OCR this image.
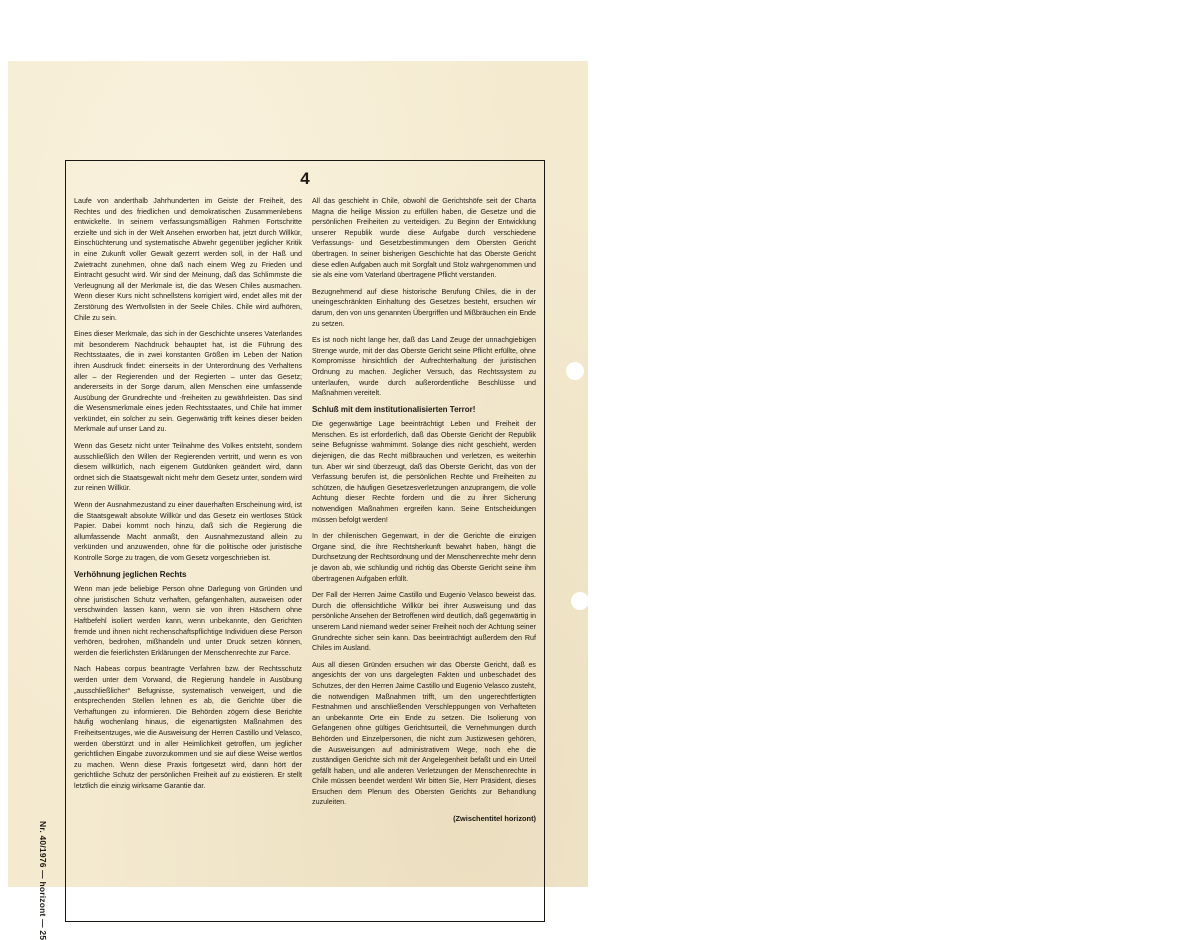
Nr. 40/1976 — horizont — 25
4

Laufe von anderthalb Jahrhunderten im Geiste der Freiheit, des Rechtes und des friedlichen und demokratischen Zusammenlebens entwickelte. In seinem verfassungsmäßigen Rahmen Fortschritte erzielte und sich in der Welt Ansehen erworben hat, jetzt durch Willkür, Einschüchterung und systematische Abwehr gegenüber jeglicher Kritik in eine Zukunft voller Gewalt gezerrt werden soll, in der Haß und Zwietracht zunehmen, ohne daß nach einem Weg zu Frieden und Eintracht gesucht wird. Wir sind der Meinung, daß das Schlimmste die Verleugnung all der Merkmale ist, die das Wesen Chiles ausmachen. Wenn dieser Kurs nicht schnellstens korrigiert wird, endet alles mit der Zerstörung des Wertvollsten in der Seele Chiles. Chile wird aufhören, Chile zu sein.

Eines dieser Merkmale, das sich in der Geschichte unseres Vaterlandes mit besonderem Nachdruck behauptet hat, ist die Führung des Rechtsstaates, die in zwei konstanten Größen im Leben der Nation ihren Ausdruck findet: einerseits in der Unterordnung des Verhaltens aller – der Regierenden und der Regierten – unter das Gesetz; andererseits in der Sorge darum, allen Menschen eine umfassende Ausübung der Grundrechte und -freiheiten zu gewährleisten. Das sind die Wesensmerkmale eines jeden Rechtsstaates, und Chile hat immer verkündet, ein solcher zu sein. Gegenwärtig trifft keines dieser beiden Merkmale auf unser Land zu.

Wenn das Gesetz nicht unter Teilnahme des Volkes entsteht, sondern ausschließlich den Willen der Regierenden vertritt, und wenn es von diesem willkürlich, nach eigenem Gutdünken geändert wird, dann ordnet sich die Staatsgewalt nicht mehr dem Gesetz unter, sondern wird zur reinen Willkür.

Wenn der Ausnahmezustand zu einer dauerhaften Erscheinung wird, ist die Staatsgewalt absolute Willkür und das Gesetz ein wertloses Stück Papier. Dabei kommt noch hinzu, daß sich die Regierung die allumfassende Macht anmaßt, den Ausnahmezustand allein zu verkünden und anzuwenden, ohne für die politische oder juristische Kontrolle Sorge zu tragen, die vom Gesetz vorgeschrieben ist.

Verhöhnung jeglichen Rechts

Wenn man jede beliebige Person ohne Darlegung von Gründen und ohne juristischen Schutz verhaften, gefangenhalten, ausweisen oder verschwinden lassen kann, wenn sie von ihren Häschern ohne Haftbefehl isoliert werden kann, wenn unbekannte, den Gerichten fremde und ihnen nicht rechenschaftspflichtige Individuen diese Person verhören, bedrohen, mißhandeln und unter Druck setzen können, werden die feierlichsten Erklärungen der Menschenrechte zur Farce.

Nach Habeas corpus beantragte Verfahren bzw. der Rechtsschutz werden unter dem Vorwand, die Regierung handele in Ausübung „ausschließlicher“ Befugnisse, systematisch verweigert, und die entsprechenden Stellen lehnen es ab, die Gerichte über die Verhaftungen zu informieren. Die Behörden zögern diese Berichte häufig wochenlang hinaus, die eigenartigsten Maßnahmen des Freiheitsentzuges, wie die Ausweisung der Herren Castillo und Velasco, werden überstürzt und in aller Heimlichkeit getroffen, um jeglicher gerichtlichen Eingabe zuvorzukommen und sie auf diese Weise wertlos zu machen. Wenn diese Praxis fortgesetzt wird, dann hört der gerichtliche Schutz der persönlichen Freiheit auf zu existieren. Er stellt letztlich die einzig wirksame Garantie dar.

All das geschieht in Chile, obwohl die Gerichtshöfe seit der Charta Magna die heilige Mission zu erfüllen haben, die Gesetze und die persönlichen Freiheiten zu verteidigen. Zu Beginn der Entwicklung unserer Republik wurde diese Aufgabe durch verschiedene Verfassungs- und Gesetzbestimmungen dem Obersten Gericht übertragen. In seiner bisherigen Geschichte hat das Oberste Gericht diese edlen Aufgaben auch mit Sorgfalt und Stolz wahrgenommen und sie als eine vom Vaterland übertragene Pflicht verstanden.

Bezugnehmend auf diese historische Berufung Chiles, die in der uneingeschränkten Einhaltung des Gesetzes besteht, ersuchen wir darum, den von uns genannten Übergriffen und Mißbräuchen ein Ende zu setzen.

Es ist noch nicht lange her, daß das Land Zeuge der unnachgiebigen Strenge wurde, mit der das Oberste Gericht seine Pflicht erfüllte, ohne Kompromisse hinsichtlich der Aufrechterhaltung der juristischen Ordnung zu machen. Jeglicher Versuch, das Rechtssystem zu unterlaufen, wurde durch außerordentliche Beschlüsse und Maßnahmen vereitelt.

Schluß mit dem institutionalisierten Terror!

Die gegenwärtige Lage beeinträchtigt Leben und Freiheit der Menschen. Es ist erforderlich, daß das Oberste Gericht der Republik seine Befugnisse wahrnimmt. Solange dies nicht geschieht, werden diejenigen, die das Recht mißbrauchen und verletzen, es weiterhin tun. Aber wir sind überzeugt, daß das Oberste Gericht, das von der Verfassung berufen ist, die persönlichen Rechte und Freiheiten zu schützen, die häufigen Gesetzesverletzungen anzuprangern, die volle Achtung dieser Rechte fordern und die zu ihrer Sicherung notwendigen Maßnahmen ergreifen kann. Seine Entscheidungen müssen befolgt werden!

In der chilenischen Gegenwart, in der die Gerichte die einzigen Organe sind, die ihre Rechtsherkunft bewahrt haben, hängt die Durchsetzung der Rechtsordnung und der Menschenrechte mehr denn je davon ab, wie schlundig und richtig das Oberste Gericht seine ihm übertragenen Aufgaben erfüllt.

Der Fall der Herren Jaime Castillo und Eugenio Velasco beweist das. Durch die offensichtliche Willkür bei ihrer Ausweisung und das persönliche Ansehen der Betroffenen wird deutlich, daß gegenwärtig in unserem Land niemand weder seiner Freiheit noch der Achtung seiner Grundrechte sicher sein kann. Das beeinträchtigt außerdem den Ruf Chiles im Ausland.

Aus all diesen Gründen ersuchen wir das Oberste Gericht, daß es angesichts der von uns dargelegten Fakten und unbeschadet des Schutzes, der den Herren Jaime Castillo und Eugenio Velasco zusteht, die notwendigen Maßnahmen trifft, um den ungerechtfertigten Festnahmen und anschließenden Verschleppungen von Verhafteten an unbekannte Orte ein Ende zu setzen. Die Isolierung von Gefangenen ohne gültiges Gerichtsurteil, die Vernehmungen durch Behörden und Einzelpersonen, die nicht zum Justizwesen gehören, die Ausweisungen auf administrativem Wege, noch ehe die zuständigen Gerichte sich mit der Angelegenheit befaßt und ein Urteil gefällt haben, und alle anderen Verletzungen der Menschenrechte in Chile müssen beendet werden! Wir bitten Sie, Herr Präsident, dieses Ersuchen dem Plenum des Obersten Gerichts zur Behandlung zuzuleiten.

(Zwischentitel horizont)
